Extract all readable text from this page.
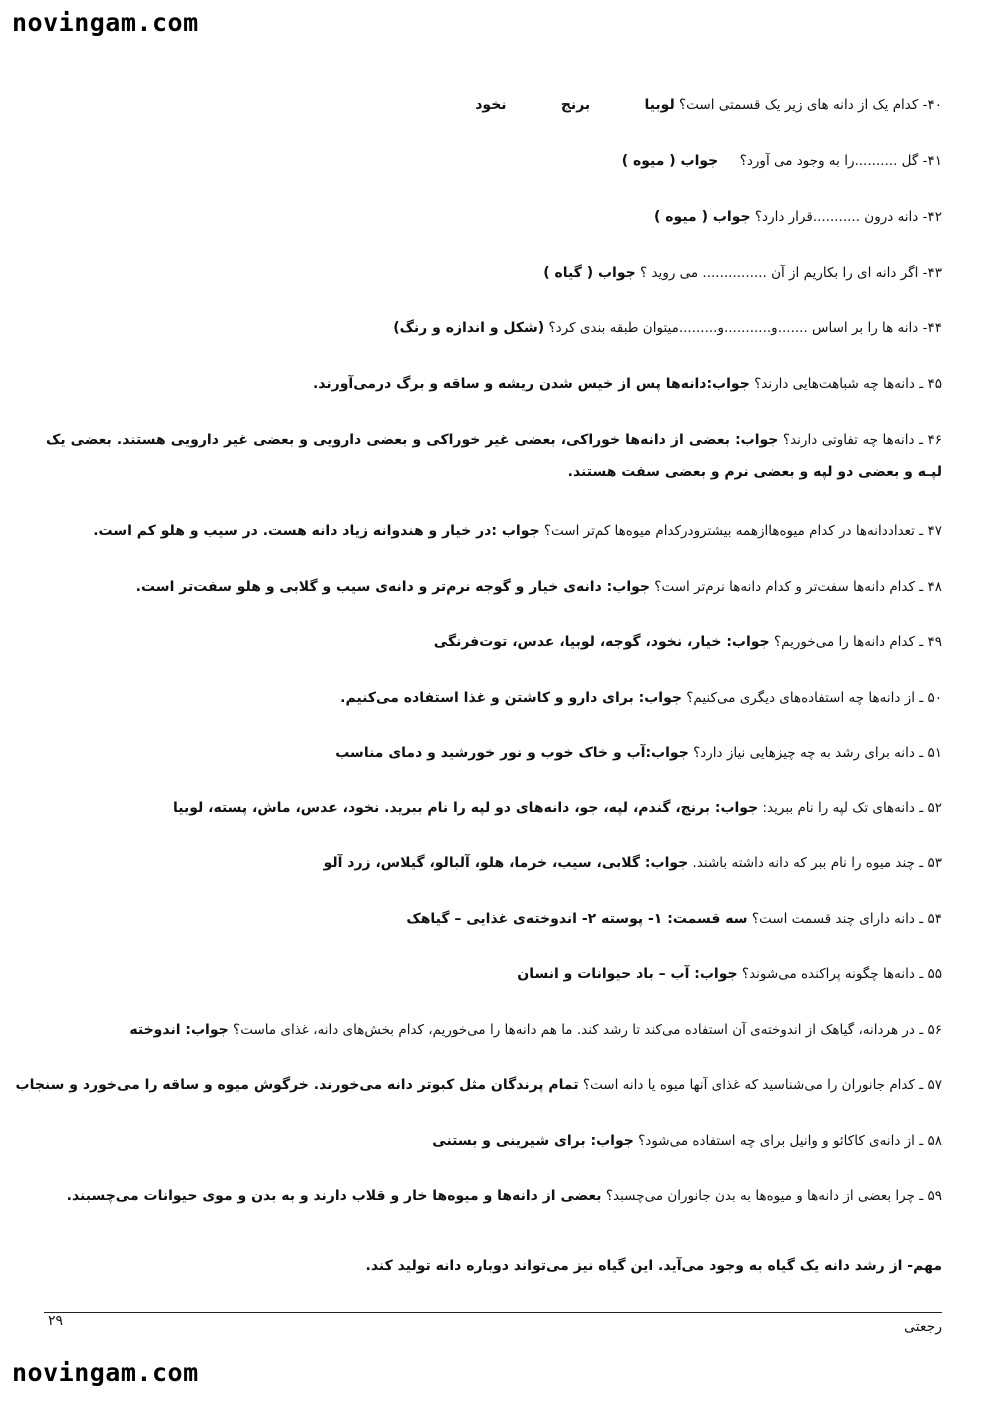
novingam.com
۴۰- کدام یک از دانه های زیر یک قسمتی است؟ لوبیا برنج نخود
۴۱- گل ..........را به وجود می آورد؟     جواب ( میوه )
۴۲- دانه درون ...........قرار دارد؟ جواب ( میوه )
۴۳- اگر دانه ای را بکاریم از آن ............... می روید ؟ جواب ( گیاه )
۴۴- دانه ها را بر اساس .......و...........و.........میتوان طبقه بندی کرد؟ (شکل و اندازه و رنگ)
۴۵ ـ دانه‌ها چه شباهت‌هایی دارند؟ جواب:دانه‌ها پس از خیس شدن ریشه و ساقه و برگ درمی‌آورند.
۴۶ ـ دانه‌ها چه تفاوتی دارند؟ جواب: بعضی از دانه‌ها خوراکی، بعضی غیر خوراکی و بعضی دارویی و بعضی غیر دارویی هستند. بعضی یک لپـه و بعضی دو لپه و بعضی نرم و بعضی سفت هستند.
۴۷ ـ تعداددانه‌ها در کدام میوه‌هاازهمه بیشترودرکدام میوه‌ها کم‌تر است؟ جواب :در خیار و هندوانه زیاد دانه هست. در سیب و هلو کم است.
۴۸ ـ کدام دانه‌ها سفت‌تر و کدام دانه‌ها نرم‌تر است؟ جواب: دانه‌ی خیار و گوجه نرم‌تر و دانه‌ی سیب و گلابی و هلو سفت‌تر است.
۴۹ ـ کدام دانه‌ها را می‌خوریم؟ جواب: خیار، نخود، گوجه، لوبیا، عدس، توت‌فرنگی
۵۰ ـ از دانه‌ها چه استفاده‌های دیگری می‌کنیم؟ جواب: برای دارو و کاشتن و غذا استفاده می‌کنیم.
۵۱ ـ دانه برای رشد به چه چیزهایی نیاز دارد؟ جواب:آب و خاک خوب و نور خورشید و دمای مناسب
۵۲ ـ دانه‌های تک لپه را نام ببرید: جواب: برنج، گندم، لپه، جو، دانه‌های دو لپه را نام ببرید. نخود، عدس، ماش، پسته، لوبیا
۵۳ ـ چند میوه را نام ببر که دانه داشته باشند. جواب: گلابی، سیب، خرما، هلو، آلبالو، گیلاس، زرد آلو
۵۴ ـ دانه دارای چند قسمت است؟ سه قسمت: ۱- پوسته ۲- اندوخته‌ی غذایی – گیاهک
۵۵ ـ دانه‌ها چگونه پراکنده می‌شوند؟ جواب: آب – باد حیوانات و انسان
۵۶ ـ در هردانه، گیاهک از اندوخته‌ی آن استفاده می‌کند تا رشد کند. ما هم دانه‌ها را می‌خوریم، کدام بخش‌های دانه، غذای ماست؟ جواب: اندوخته
۵۷ ـ کدام جانوران را می‌شناسید که غذای آنها میوه یا دانه است؟ تمام پرندگان مثل کبوتر دانه می‌خورند. خرگوش میوه و ساقه را می‌خورد و سنجاب
۵۸ ـ از دانه‌ی کاکائو و وانیل برای چه استفاده می‌شود؟ جواب: برای شیرینی و بستنی
۵۹ ـ چرا بعضی از دانه‌ها و میوه‌ها به بدن جانوران می‌چسبد؟ بعضی از دانه‌ها و میوه‌ها خار و قلاب دارند و به بدن و موی حیوانات می‌چسبند.
مهم- از رشد دانه یک گیاه به وجود می‌آید. این گیاه نیز می‌تواند دوباره دانه تولید کند.
۲۹	رجعتی
novingam.com
